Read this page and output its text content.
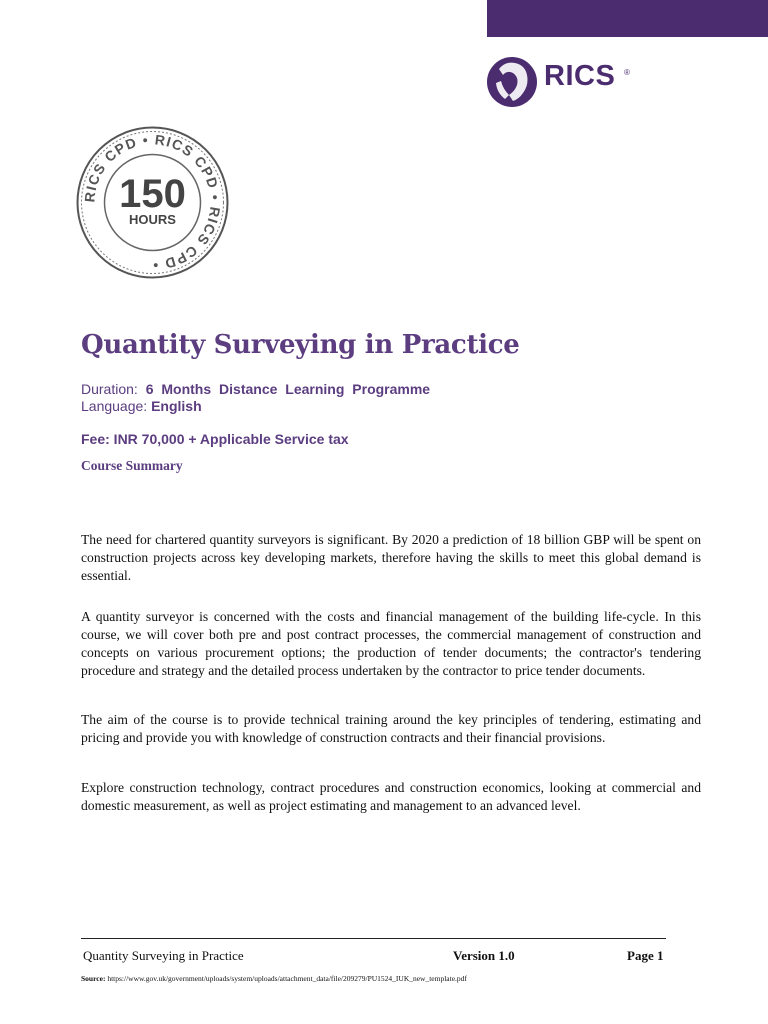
RICS ®
RICS CPD • RICS CPD • RICS CPD •
150
HOURS
Quantity Surveying in Practice
Duration: 6 Months Distance Learning Programme
Language: English
Fee: INR 70,000 + Applicable Service tax
Course Summary

The need for chartered quantity surveyors is significant. By 2020 a prediction of 18 billion GBP will be spent on construction projects across key developing markets, therefore having the skills to meet this global demand is essential.

A quantity surveyor is concerned with the costs and financial management of the building life-cycle. In this course, we will cover both pre and post contract processes, the commercial management of construction and concepts on various procurement options; the production of tender documents; the contractor's tendering procedure and strategy and the detailed process undertaken by the contractor to price tender documents.

The aim of the course is to provide technical training around the key principles of tendering, estimating and pricing and provide you with knowledge of construction contracts and their financial provisions.

Explore construction technology, contract procedures and construction economics, looking at commercial and domestic measurement, as well as project estimating and management to an advanced level.

Quantity Surveying in Practice	Version 1.0	Page 1
Source: https://www.gov.uk/government/uploads/system/uploads/attachment_data/file/209279/PU1524_IUK_new_template.pdf
